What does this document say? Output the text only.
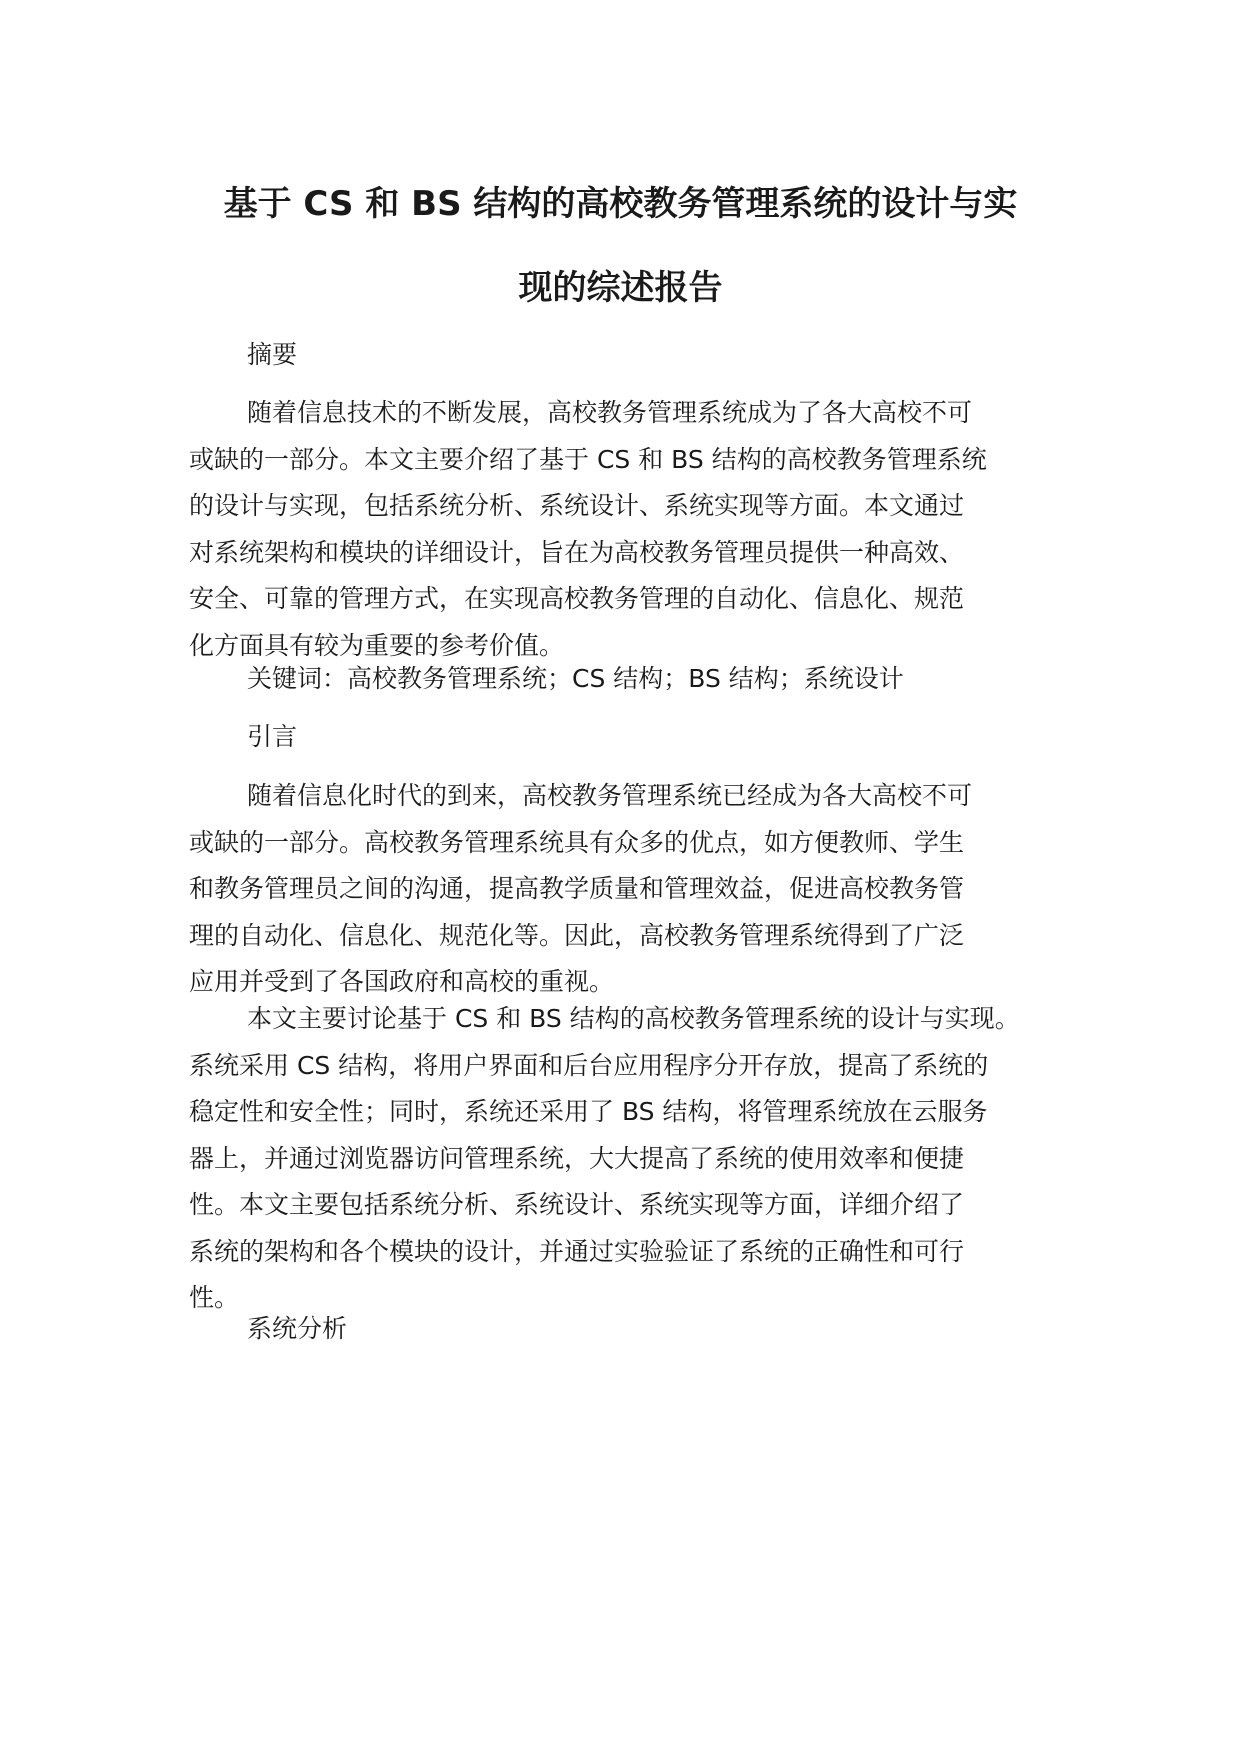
基于 CS 和 BS 结构的高校教务管理系统的设计与实
现的综述报告

摘要

随着信息技术的不断发展，高校教务管理系统成为了各大高校不可
或缺的一部分。本文主要介绍了基于 CS 和 BS 结构的高校教务管理系统
的设计与实现，包括系统分析、系统设计、系统实现等方面。本文通过
对系统架构和模块的详细设计，旨在为高校教务管理员提供一种高效、
安全、可靠的管理方式，在实现高校教务管理的自动化、信息化、规范
化方面具有较为重要的参考价值。

关键词：高校教务管理系统；CS 结构；BS 结构；系统设计

引言

随着信息化时代的到来，高校教务管理系统已经成为各大高校不可
或缺的一部分。高校教务管理系统具有众多的优点，如方便教师、学生
和教务管理员之间的沟通，提高教学质量和管理效益，促进高校教务管
理的自动化、信息化、规范化等。因此，高校教务管理系统得到了广泛
应用并受到了各国政府和高校的重视。
本文主要讨论基于 CS 和 BS 结构的高校教务管理系统的设计与实现。
系统采用 CS 结构，将用户界面和后台应用程序分开存放，提高了系统的
稳定性和安全性；同时，系统还采用了 BS 结构，将管理系统放在云服务
器上，并通过浏览器访问管理系统，大大提高了系统的使用效率和便捷
性。本文主要包括系统分析、系统设计、系统实现等方面，详细介绍了
系统的架构和各个模块的设计，并通过实验验证了系统的正确性和可行
性。

系统分析
